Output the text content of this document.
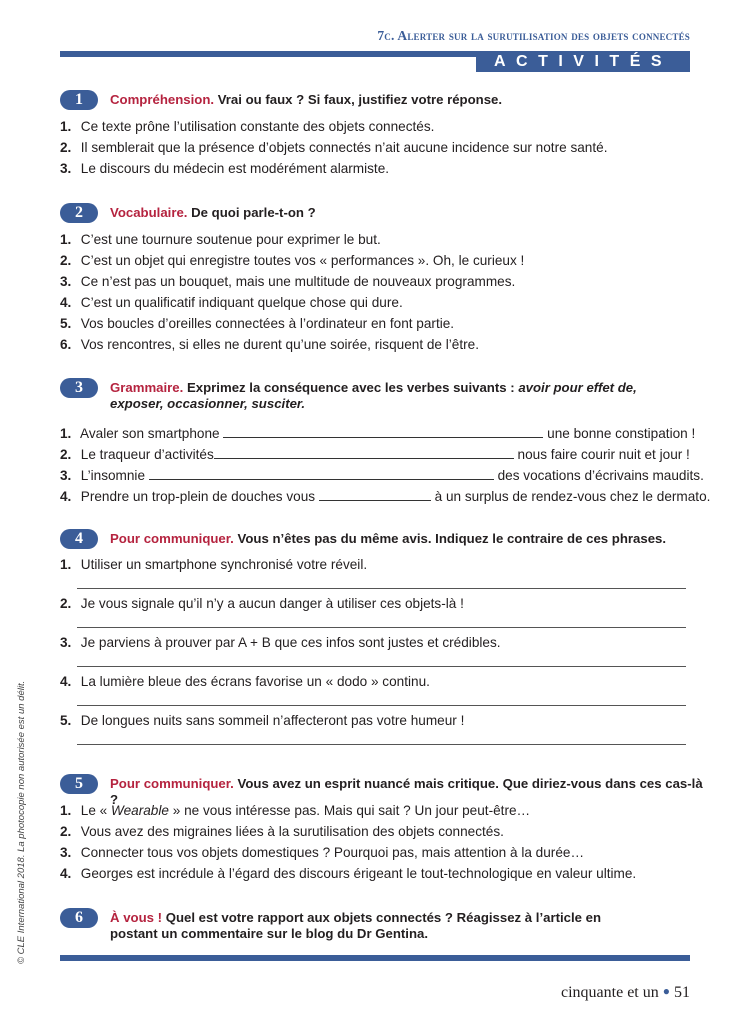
7c. Alerter sur la surutilisation des objets connectés
ACTIVITÉS
© CLE International 2018. La photocopie non autorisée est un délit.
1	Compréhension. Vrai ou faux ? Si faux, justifiez votre réponse.
1. Ce texte prône l’utilisation constante des objets connectés.
2. Il semblerait que la présence d’objets connectés n’ait aucune incidence sur notre santé.
3. Le discours du médecin est modérément alarmiste.
2	Vocabulaire. De quoi parle-t-on ?
1. C’est une tournure soutenue pour exprimer le but.
2. C’est un objet qui enregistre toutes vos « performances ». Oh, le curieux !
3. Ce n’est pas un bouquet, mais une multitude de nouveaux programmes.
4. C’est un qualificatif indiquant quelque chose qui dure.
5. Vos boucles d’oreilles connectées à l’ordinateur en font partie.
6. Vos rencontres, si elles ne durent qu’une soirée, risquent de l’être.
3	Grammaire. Exprimez la conséquence avec les verbes suivants : avoir pour effet de, exposer, occasionner, susciter.
1. Avaler son smartphone	une bonne constipation !
2. Le traqueur d’activités	nous faire courir nuit et jour !
3. L’insomnie	des vocations d’écrivains maudits.
4. Prendre un trop-plein de douches vous	à un surplus de rendez-vous chez le dermato.
4	Pour communiquer. Vous n’êtes pas du même avis. Indiquez le contraire de ces phrases.
1. Utiliser un smartphone synchronisé votre réveil.
2. Je vous signale qu’il n’y a aucun danger à utiliser ces objets-là !
3. Je parviens à prouver par A + B que ces infos sont justes et crédibles.
4. La lumière bleue des écrans favorise un « dodo » continu.
5. De longues nuits sans sommeil n’affecteront pas votre humeur !
5	Pour communiquer. Vous avez un esprit nuancé mais critique. Que diriez-vous dans ces cas-là ?
1. Le « Wearable » ne vous intéresse pas. Mais qui sait ? Un jour peut-être…
2. Vous avez des migraines liées à la surutilisation des objets connectés.
3. Connecter tous vos objets domestiques ? Pourquoi pas, mais attention à la durée…
4. Georges est incrédule à l’égard des discours érigeant le tout-technologique en valeur ultime.
6	À vous ! Quel est votre rapport aux objets connectés ? Réagissez à l’article en postant un commentaire sur le blog du Dr Gentina.
cinquante et un ● 51
